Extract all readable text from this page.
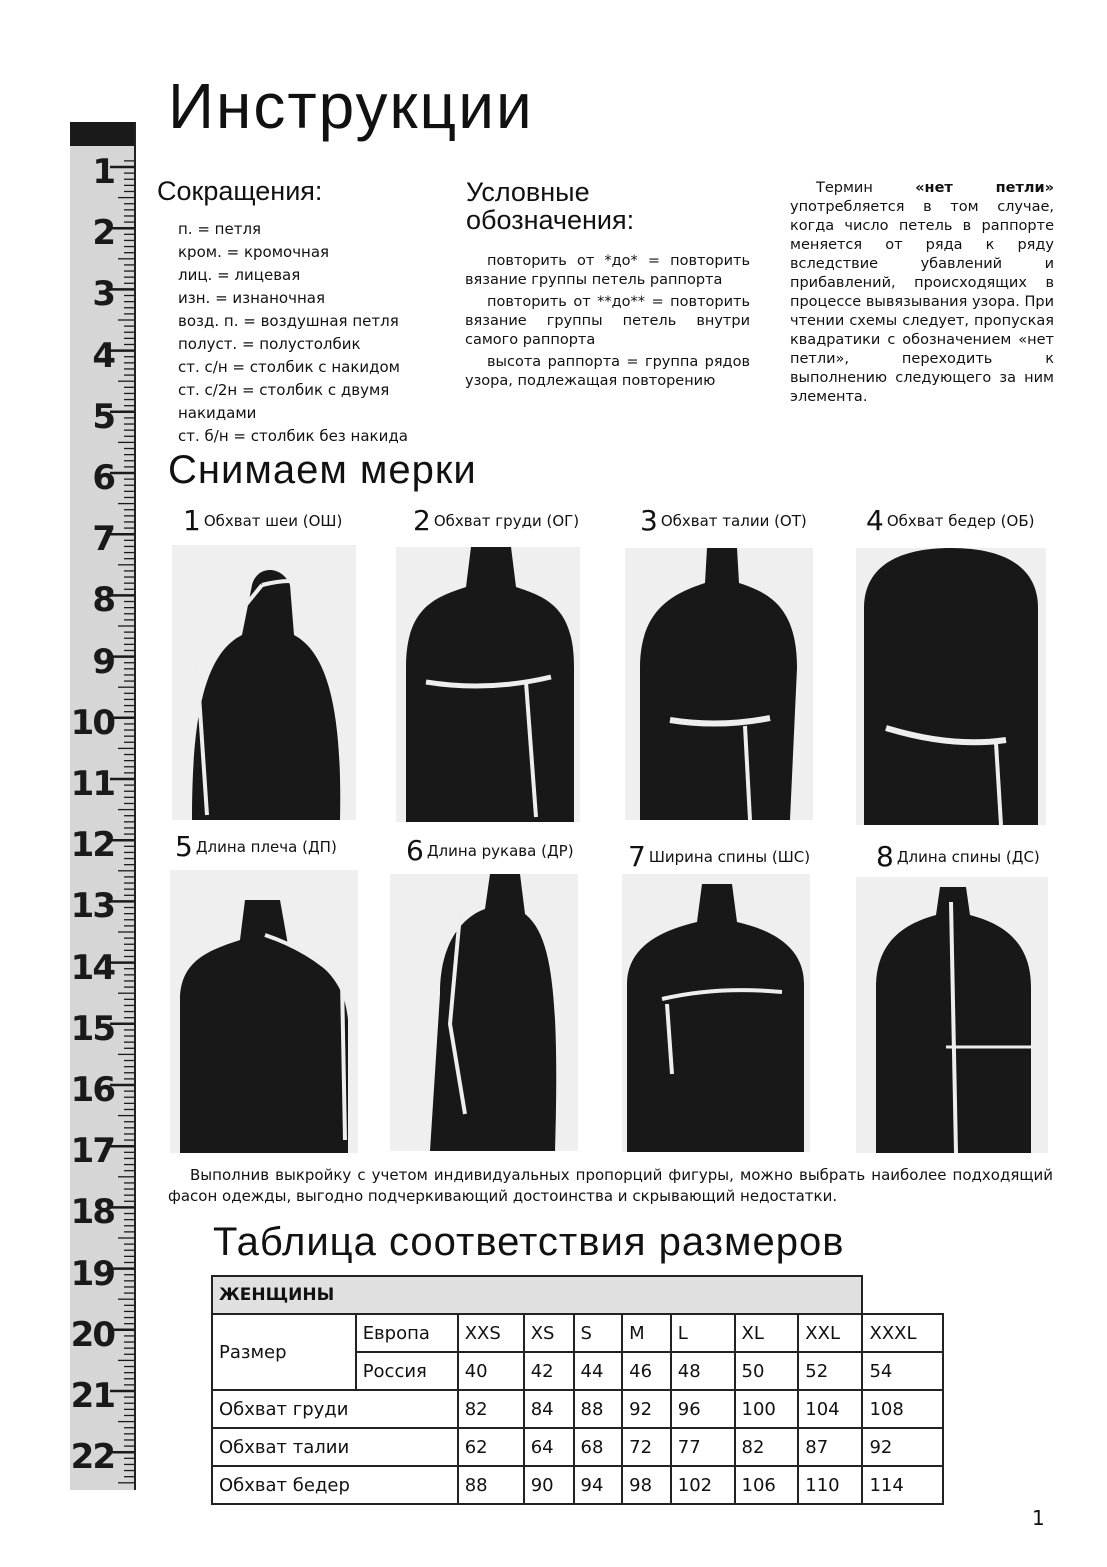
1
2
3
4
5
6
7
8
9
10
11
12
13
14
15
16
17
18
19
20
21
22
Инструкции
Сокращения:
п. = петля
кром. = кромочная
лиц. = лицевая
изн. = изнаночная
возд. п. = воздушная петля
полуст. = полустолбик
ст. с/н = столбик с накидом
ст. с/2н = столбик с двумя накидами
ст. б/н = столбик без накида
Условные
обозначения:
повторить от *до* = повторить вязание группы петель раппорта
повторить от **до** = повторить вязание группы петель внутри самого раппорта
высота раппорта = группа рядов узора, подлежащая повторению
Термин «нет петли» употребляется в том случае, когда число петель в раппорте меняется от ряда к ряду вследствие убавлений и прибавлений, происходящих в процессе вывязывания узора. При чтении схемы следует, пропуская квадратики с обозначением «нет петли», переходить к выполнению следующего за ним элемента.
Снимаем мерки
1 Обхват шеи (ОШ)	2 Обхват груди (ОГ) 3 Обхват талии (ОТ) 4 Обхват бедер (ОБ)
5 Длина плеча (ДП) 6 Длина рукава (ДР) 7 Ширина спины (ШС) 8 Длина спины (ДС)
Выполнив выкройку с учетом индивидуальных пропорций фигуры, можно выбрать наиболее подходящий фасон одежды, выгодно подчеркивающий достоинства и скрывающий недостатки.
Таблица соответствия размеров
ЖЕНЩИНЫ									
Размер	Европа	XXS	XS	S	M	L	XL	XXL	XXXL
	Россия	40	42	44	46	48	50	52	54
Обхват груди		82	84	88	92	96	100	104	108
Обхват талии		62	64	68	72	77	82	87	92
Обхват бедер		88	90	94	98	102	106	110	114
1
